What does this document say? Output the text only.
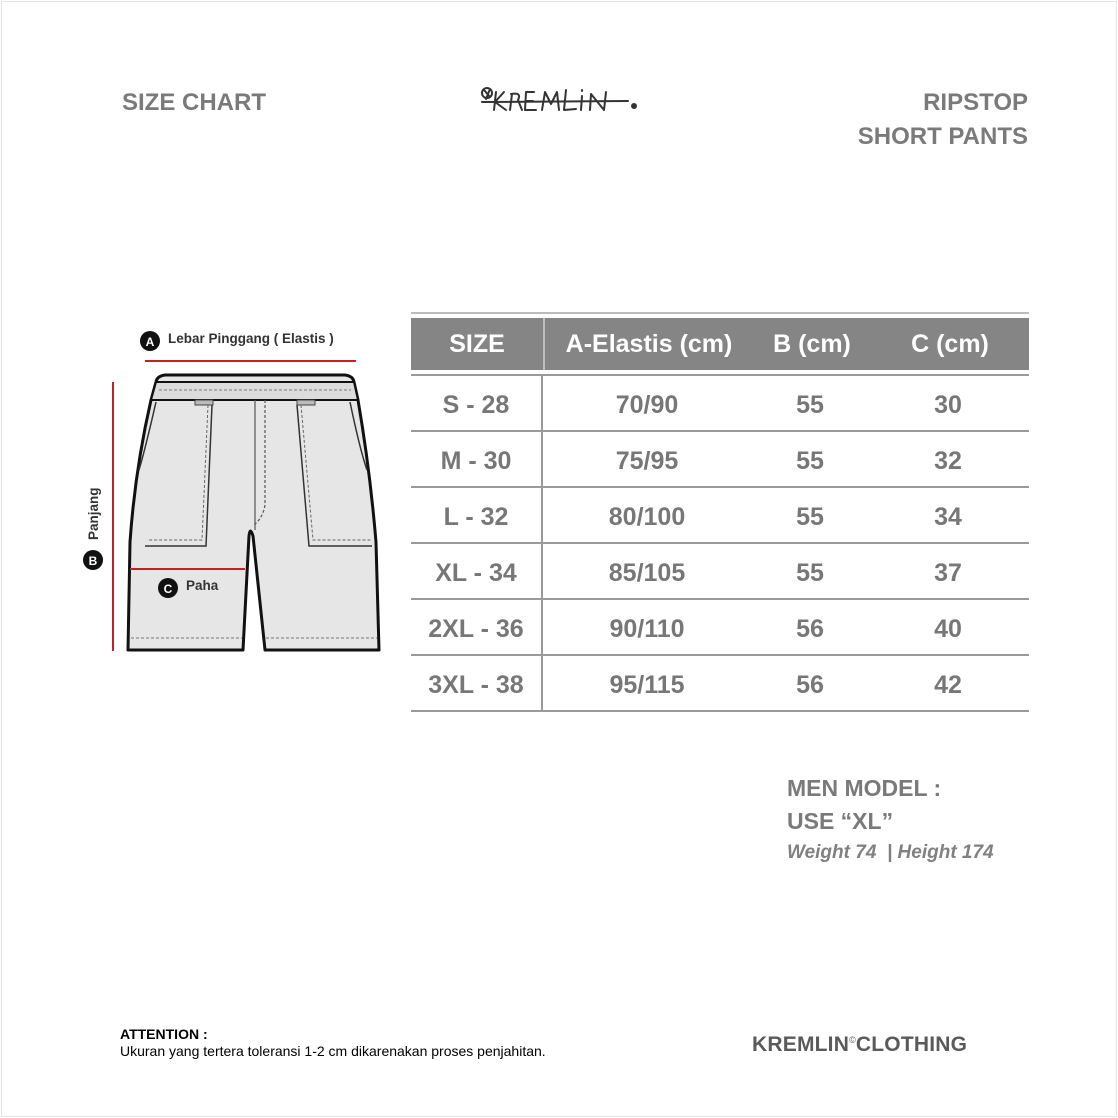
SIZE CHART	RIPSTOP
SHORT PANTS
A Lebar Pinggang ( Elastis )
B
Panjang
C Paha
SIZE	A-Elastis (cm)	B (cm)	C (cm)
S - 28	70/90	55	30
M - 30	75/95	55	32
L - 32	80/100	55	34
XL - 34	85/105	55	37
2XL - 36	90/110	56	40
3XL - 38	95/115	56	42
MEN MODEL :
USE “XL”
Weight 74  | Height 174
ATTENTION :
Ukuran yang tertera toleransi 1-2 cm dikarenakan proses penjahitan.	KREMLIN©CLOTHING
